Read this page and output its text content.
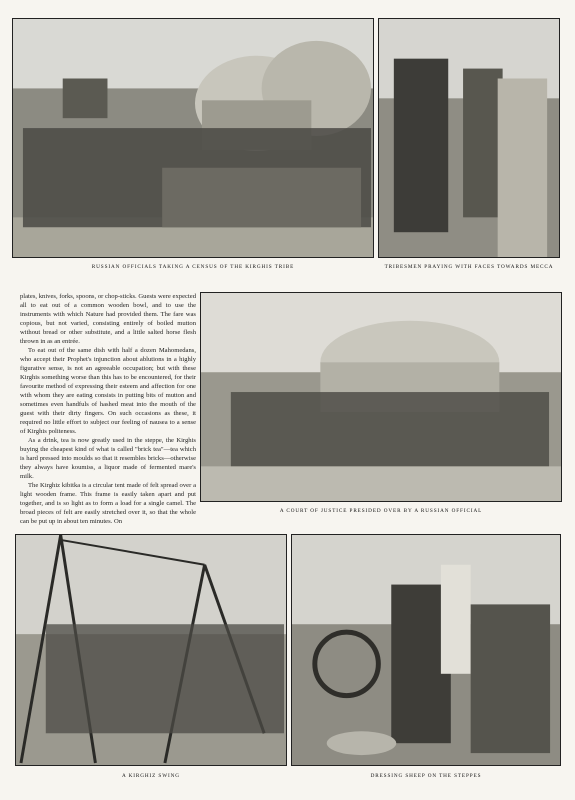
RUSSIAN OFFICIALS TAKING A CENSUS OF THE KIRGHIS TRIBE	TRIBESMEN PRAYING WITH FACES TOWARDS MECCA

plates, knives, forks, spoons, or chop-sticks. Guests were expected all to eat out of a common wooden bowl, and to use the instruments with which Nature had provided them. The fare was copious, but not varied, consisting entirely of boiled mutton without bread or other substitute, and a little salted horse flesh thrown in as an entrée.

To eat out of the same dish with half a dozen Mahomedans, who accept their Prophet's injunction about ablutions in a highly figurative sense, is not an agreeable occupation; but with these Kirghis something worse than this has to be encountered, for their favourite method of expressing their esteem and affection for one with whom they are eating consists in putting bits of mutton and sometimes even handfuls of hashed meat into the mouth of the guest with their dirty fingers. On such occasions as these, it required no little effort to subject our feeling of nausea to a sense of Kirghis politeness.

As a drink, tea is now greatly used in the steppe, the Kirghis buying the cheapest kind of what is called "brick tea"—tea which is hard pressed into moulds so that it resembles bricks—otherwise they always have koumiss, a liquor made of fermented mare's milk.

The Kirghiz kibitka is a circular tent made of felt spread over a light wooden frame. This frame is easily taken apart and put together, and is so light as to form a load for a single camel. The broad pieces of felt are easily stretched over it, so that the whole can be put up in about ten minutes. On

A COURT OF JUSTICE PRESIDED OVER BY A RUSSIAN OFFICIAL
A KIRGHIZ SWING	DRESSING SHEEP ON THE STEPPES
